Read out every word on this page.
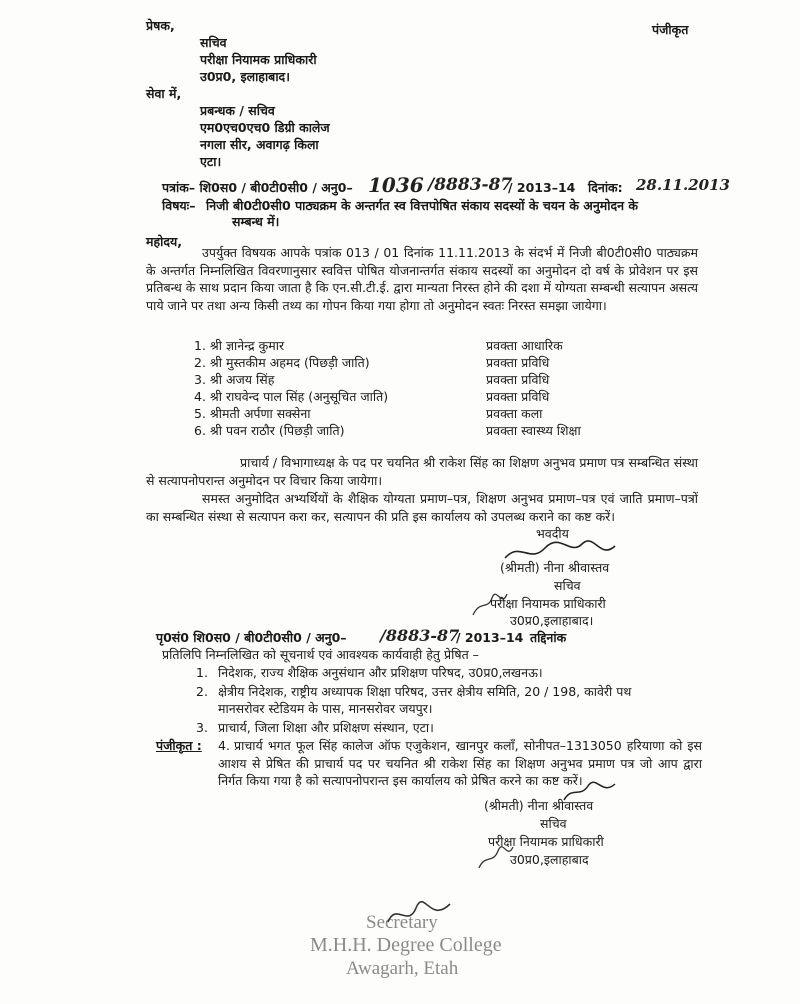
प्रेषक,	पंजीकृत
सचिव
परीक्षा नियामक प्राधिकारी
उ0प्र0, इलाहाबाद।
सेवा में,
प्रबन्धक / सचिव
एम0एच0एच0 डिग्री कालेज
नगला सीर, अवागढ़ किला
एटा।
पत्रांक– शि0स0 / बी0टी0सी0 / अनु0– 1036 /8883-87
/ 2013–14 दिनांक: 28.11.2013
विषयः– निजी बी0टी0सी0 पाठ्यक्रम के अन्तर्गत स्व वित्तपोषित संकाय सदस्यों के चयन के अनुमोदन के
सम्बन्ध में।
महोदय,
उपर्युक्त विषयक आपके पत्रांक 013 / 01 दिनांक 11.11.2013 के संदर्भ में निजी बी0टी0सी0 पाठ्यक्रम के अन्तर्गत निम्नलिखित विवरणानुसार स्ववित्त पोषित योजनान्तर्गत संकाय सदस्यों का अनुमोदन दो वर्ष के प्रोवेशन पर इस प्रतिबन्ध के साथ प्रदान किया जाता है कि एन.सी.टी.ई. द्वारा मान्यता निरस्त होने की दशा में योग्यता सम्बन्धी सत्यापन असत्य पाये जाने पर तथा अन्य किसी तथ्य का गोपन किया गया होगा तो अनुमोदन स्वतः निरस्त समझा जायेगा।
1. श्री ज्ञानेन्द्र कुमार	प्रवक्ता आधारिक
2. श्री मुस्तकीम अहमद (पिछड़ी जाति)	प्रवक्ता प्रविधि
3. श्री अजय सिंह	प्रवक्ता प्रविधि
4. श्री राघवेन्द पाल सिंह (अनुसूचित जाति)	प्रवक्ता प्रविधि
5. श्रीमती अर्पणा सक्सेना	प्रवक्ता कला
6. श्री पवन राठौर (पिछड़ी जाति)	प्रवक्ता स्वास्थ्य शिक्षा
प्राचार्य / विभागाध्यक्ष के पद पर चयनित श्री राकेश सिंह का शिक्षण अनुभव प्रमाण पत्र सम्बन्धित संस्था से सत्यापनोपरान्त अनुमोदन पर विचार किया जायेगा।
समस्त अनुमोदित अभ्यर्थियों के शैक्षिक योग्यता प्रमाण–पत्र, शिक्षण अनुभव प्रमाण–पत्र एवं जाति प्रमाण–पत्रों का सम्बन्धित संस्था से सत्यापन करा कर, सत्यापन की प्रति इस कार्यालय को उपलब्ध कराने का कष्ट करें।
भवदीय
(श्रीमती) नीना श्रीवास्तव
सचिव
परीक्षा नियामक प्राधिकारी
उ0प्र0,इलाहाबाद।
पृ0सं0 शि0स0 / बी0टी0सी0 / अनु0– /8883-87
/ 2013–14 तद्दिनांक
प्रतिलिपि निम्नलिखित को सूचनार्थ एवं आवश्यक कार्यवाही हेतु प्रेषित –
1. निदेशक, राज्य शैक्षिक अनुसंधान और प्रशिक्षण परिषद, उ0प्र0,लखनऊ।
2. क्षेत्रीय निदेशक, राष्ट्रीय अध्यापक शिक्षा परिषद, उत्तर क्षेत्रीय समिति, 20 / 198, कावेरी पथ
मानसरोवर स्टेडियम के पास, मानसरोवर जयपुर।
3. प्राचार्य, जिला शिक्षा और प्रशिक्षण संस्थान, एटा।
पंजीकृत : 4. प्राचार्य भगत फूल सिंह कालेज ऑफ एजुकेशन, खानपुर कलाँ, सोनीपत–1313050 हरियाणा को इस आशय से प्रेषित की प्राचार्य पद पर चयनित श्री राकेश सिंह का शिक्षण अनुभव प्रमाण पत्र जो आप द्वारा निर्गत किया गया है को सत्यापनोपरान्त इस कार्यालय को प्रेषित करने का कष्ट करें।
(श्रीमती) नीना श्रीवास्तव
सचिव
परीक्षा नियामक प्राधिकारी
उ0प्र0,इलाहाबाद
Secretary
M.H.H. Degree College
Awagarh, Etah
